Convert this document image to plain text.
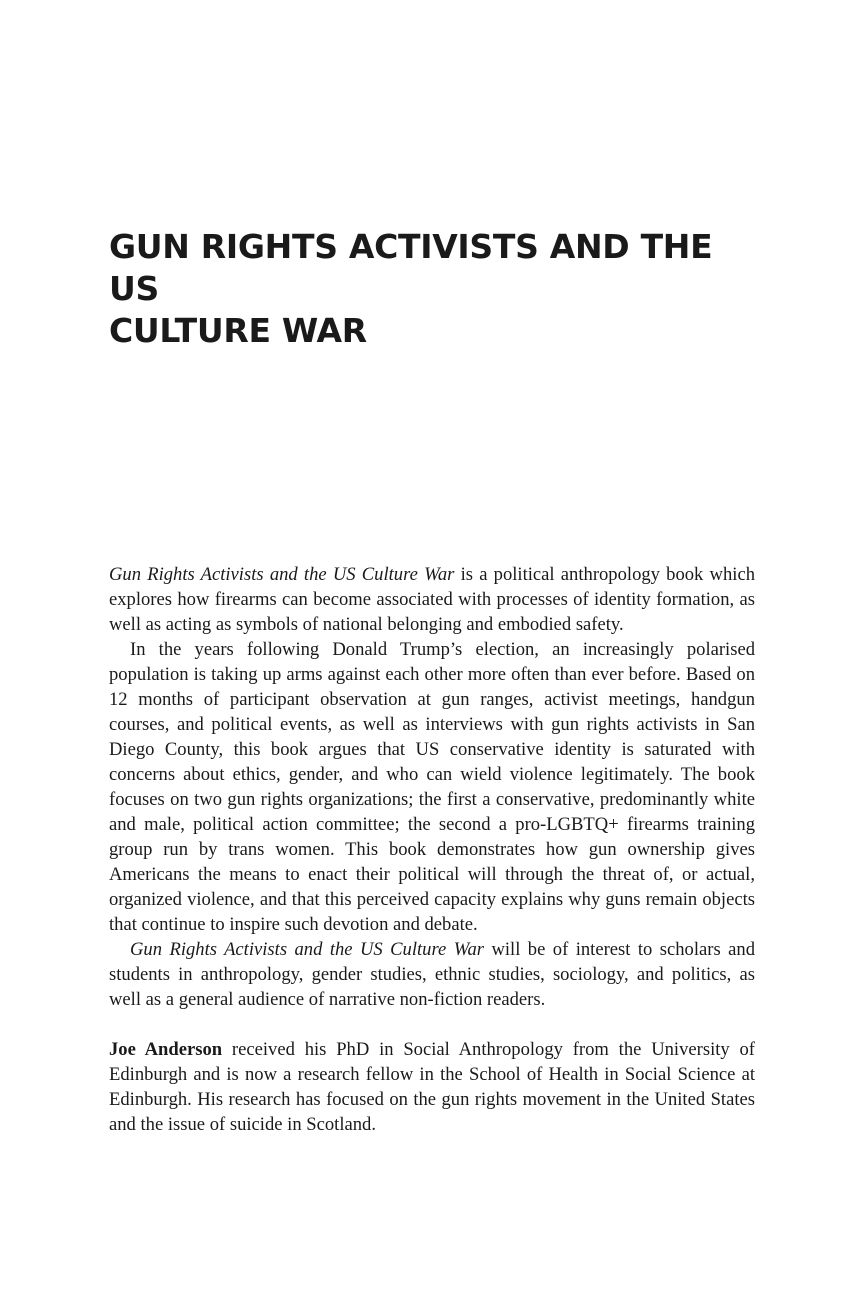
GUN RIGHTS ACTIVISTS AND THE US
CULTURE WAR

Gun Rights Activists and the US Culture War is a political anthropology book which explores how firearms can become associated with processes of identity formation, as well as acting as symbols of national belonging and embodied safety.

In the years following Donald Trump’s election, an increasingly polarised population is taking up arms against each other more often than ever before. Based on 12 months of participant observation at gun ranges, activist meetings, handgun courses, and political events, as well as interviews with gun rights activists in San Diego County, this book argues that US conservative identity is saturated with concerns about ethics, gender, and who can wield violence legitimately. The book focuses on two gun rights organizations; the first a conservative, predominantly white and male, political action committee; the second a pro-LGBTQ+ firearms training group run by trans women. This book demonstrates how gun ownership gives Americans the means to enact their political will through the threat of, or actual, organized violence, and that this perceived capacity explains why guns remain objects that continue to inspire such devotion and debate.

Gun Rights Activists and the US Culture War will be of interest to scholars and students in anthropology, gender studies, ethnic studies, sociology, and politics, as well as a general audience of narrative non-fiction readers.

Joe Anderson received his PhD in Social Anthropology from the University of Edinburgh and is now a research fellow in the School of Health in Social Science at Edinburgh. His research has focused on the gun rights movement in the United States and the issue of suicide in Scotland.
